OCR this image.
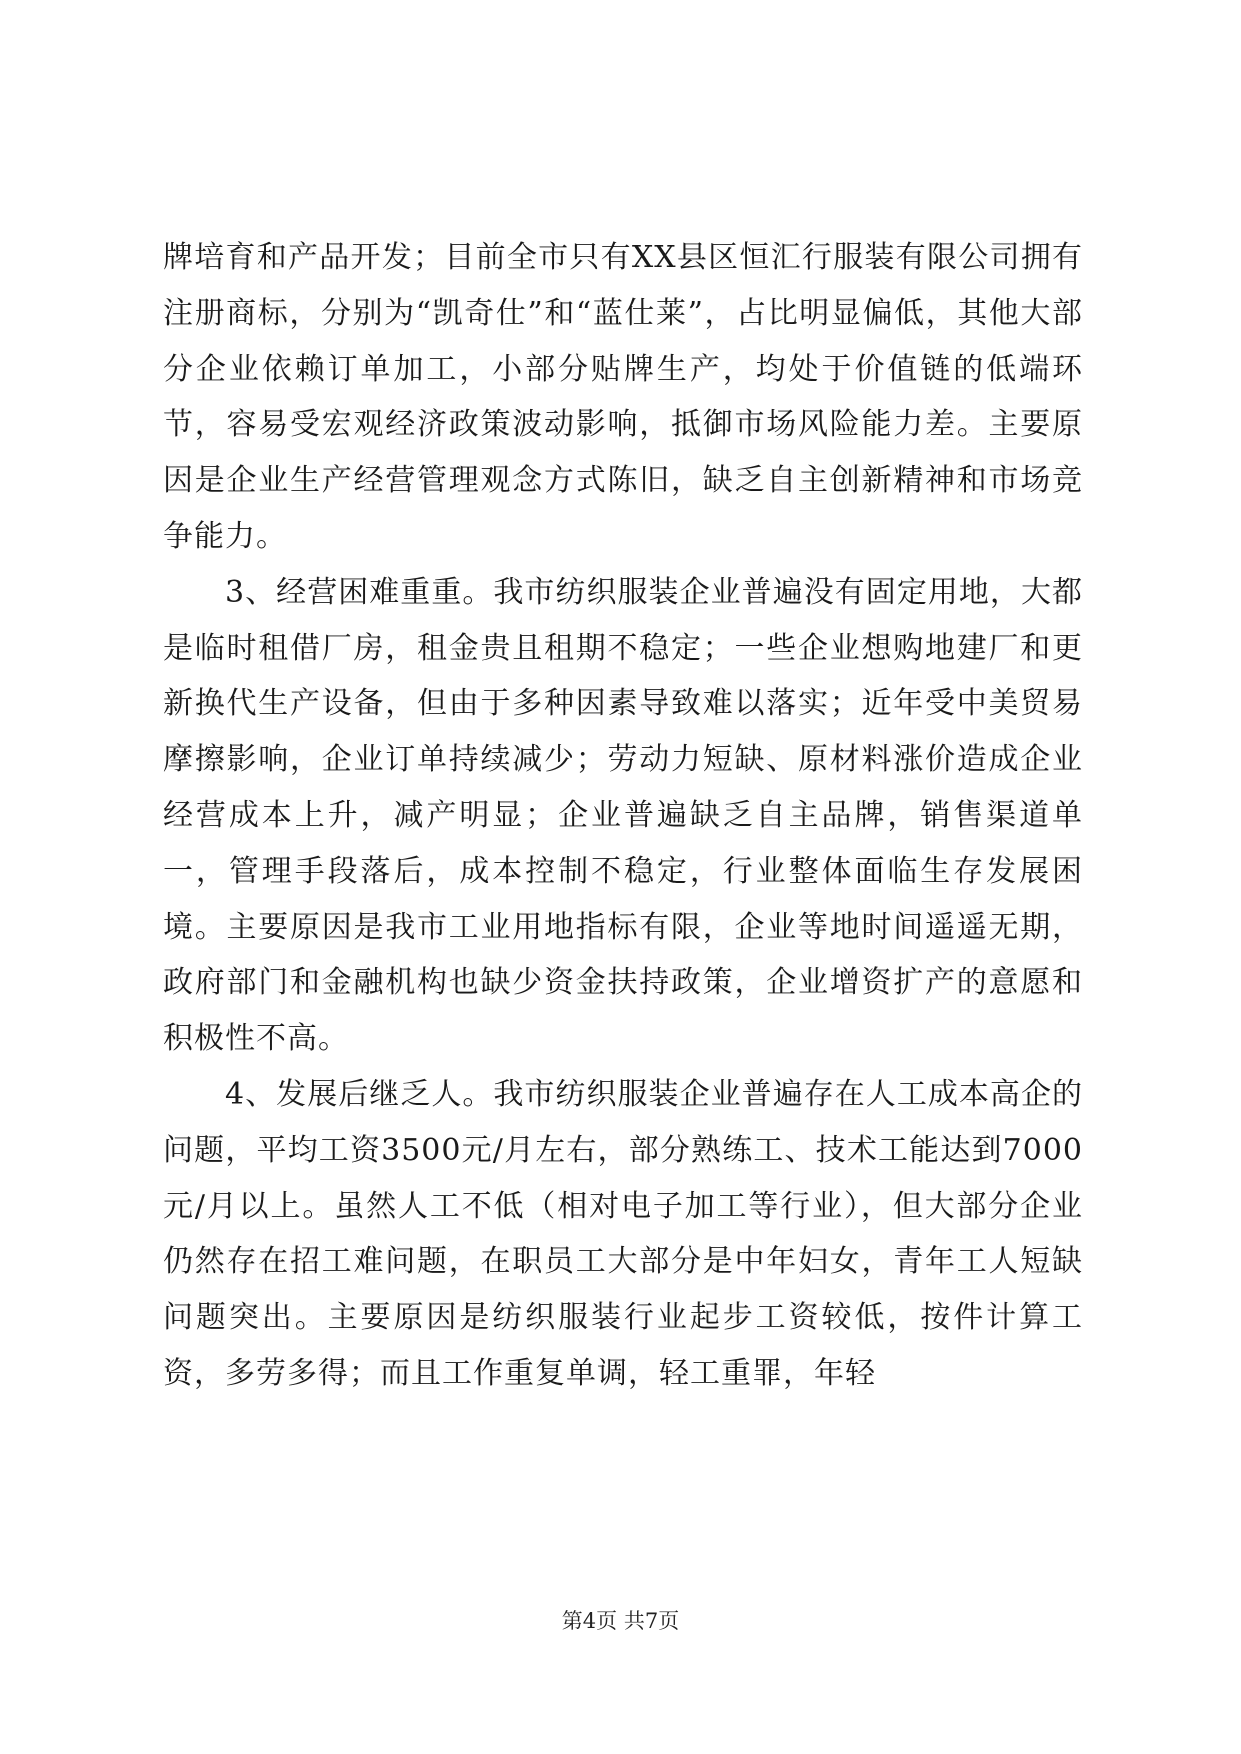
牌培育和产品开发；目前全市只有XX县区恒汇行服装有限公司拥有注册商标，分别为“凯奇仕”和“蓝仕莱”，占比明显偏低，其他大部分企业依赖订单加工，小部分贴牌生产，均处于价值链的低端环节，容易受宏观经济政策波动影响，抵御市场风险能力差。主要原因是企业生产经营管理观念方式陈旧，缺乏自主创新精神和市场竞争能力。

3、经营困难重重。我市纺织服装企业普遍没有固定用地，大都是临时租借厂房，租金贵且租期不稳定；一些企业想购地建厂和更新换代生产设备，但由于多种因素导致难以落实；近年受中美贸易摩擦影响，企业订单持续减少；劳动力短缺、原材料涨价造成企业经营成本上升，减产明显；企业普遍缺乏自主品牌，销售渠道单一，管理手段落后，成本控制不稳定，行业整体面临生存发展困境。主要原因是我市工业用地指标有限，企业等地时间遥遥无期，政府部门和金融机构也缺少资金扶持政策，企业增资扩产的意愿和积极性不高。

4、发展后继乏人。我市纺织服装企业普遍存在人工成本高企的问题，平均工资3500元/月左右，部分熟练工、技术工能达到7000元/月以上。虽然人工不低（相对电子加工等行业），但大部分企业仍然存在招工难问题，在职员工大部分是中年妇女，青年工人短缺问题突出。主要原因是纺织服装行业起步工资较低，按件计算工资，多劳多得；而且工作重复单调，轻工重罪，年轻

第4页 共7页
